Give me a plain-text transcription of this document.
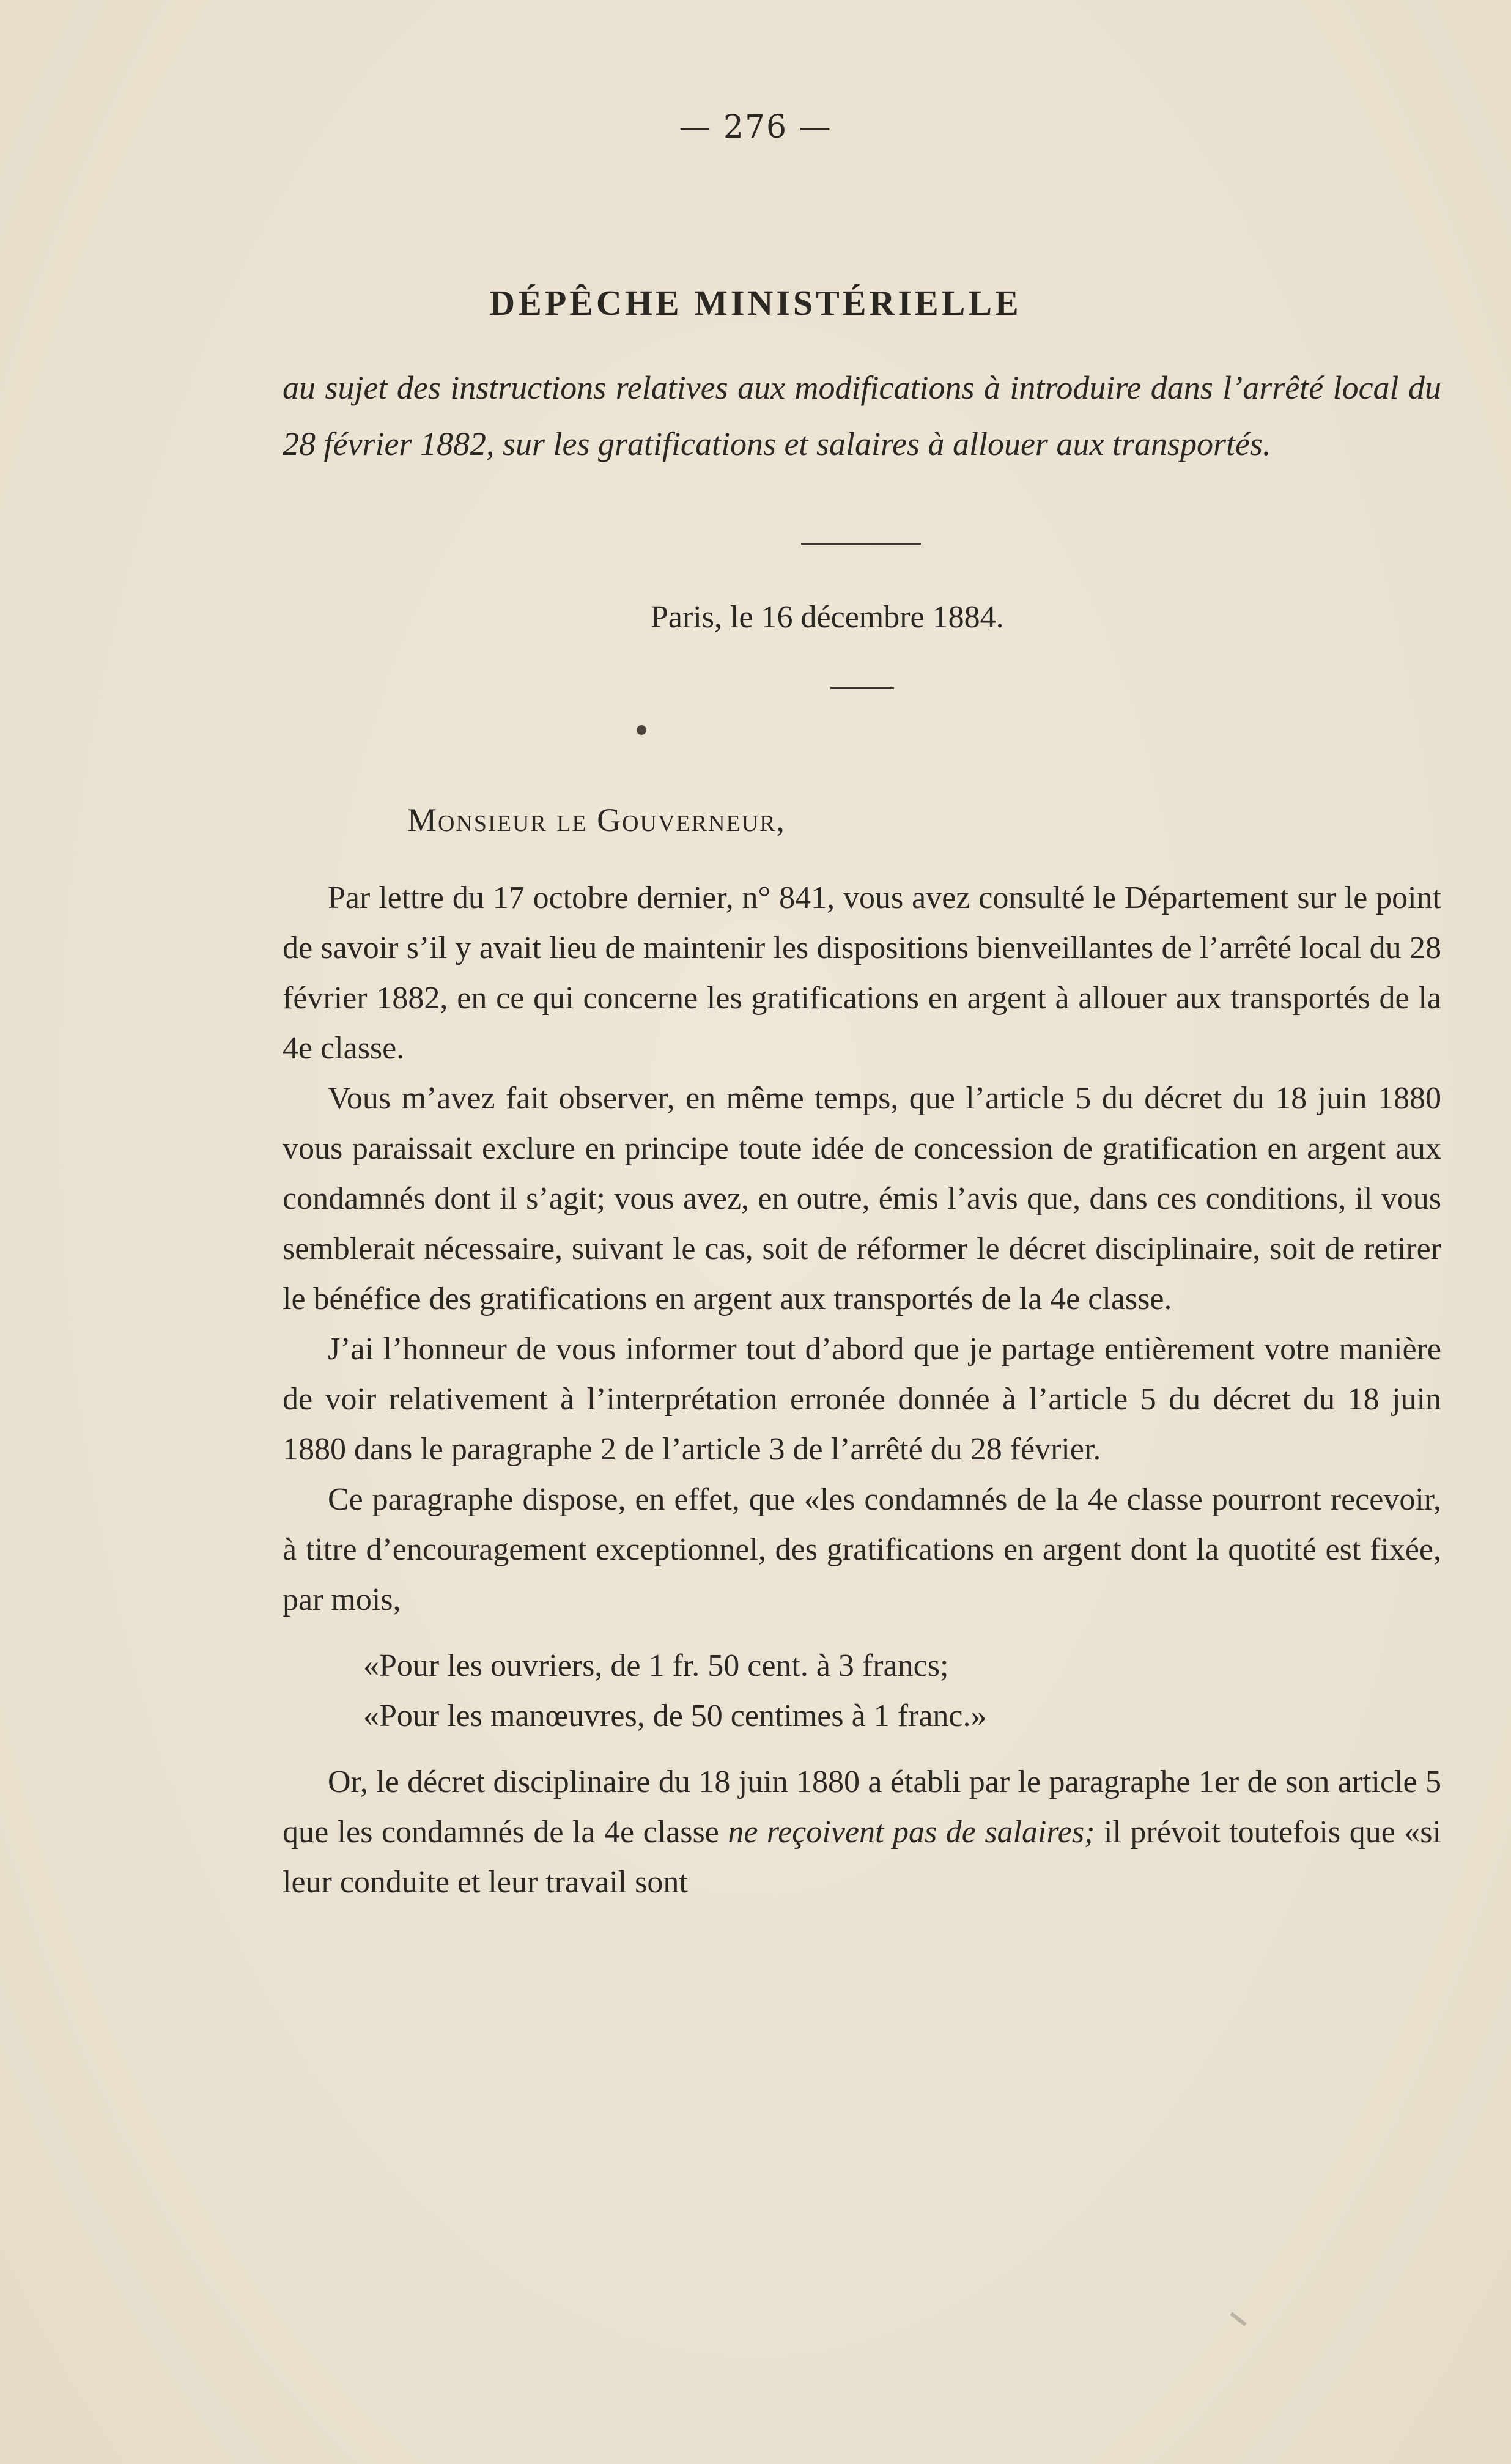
— 276 —
DÉPÊCHE MINISTÉRIELLE
au sujet des instructions relatives aux modifications à introduire dans l’arrêté local du 28 février 1882, sur les gratifications et salaires à allouer aux transportés.
Paris, le 16 décembre 1884.
Monsieur le Gouverneur,

Par lettre du 17 octobre dernier, n° 841, vous avez consulté le Département sur le point de savoir s’il y avait lieu de maintenir les dispositions bienveillantes de l’arrêté local du 28 février 1882, en ce qui concerne les gratifications en argent à allouer aux transportés de la 4e classe.

Vous m’avez fait observer, en même temps, que l’article 5 du décret du 18 juin 1880 vous paraissait exclure en principe toute idée de concession de gratification en argent aux condamnés dont il s’agit; vous avez, en outre, émis l’avis que, dans ces conditions, il vous semblerait nécessaire, suivant le cas, soit de réformer le décret disciplinaire, soit de retirer le bénéfice des gratifications en argent aux transportés de la 4e classe.

J’ai l’honneur de vous informer tout d’abord que je partage entièrement votre manière de voir relativement à l’interprétation erronée donnée à l’article 5 du décret du 18 juin 1880 dans le paragraphe 2 de l’article 3 de l’arrêté du 28 février.

Ce paragraphe dispose, en effet, que «les condamnés de la 4e classe pourront recevoir, à titre d’encouragement exceptionnel, des gratifications en argent dont la quotité est fixée, par mois,

«Pour les ouvriers, de 1 fr. 50 cent. à 3 francs;

«Pour les manœuvres, de 50 centimes à 1 franc.»

Or, le décret disciplinaire du 18 juin 1880 a établi par le paragraphe 1er de son article 5 que les condamnés de la 4e classe ne reçoivent pas de salaires; il prévoit toutefois que «si leur conduite et leur travail sont
